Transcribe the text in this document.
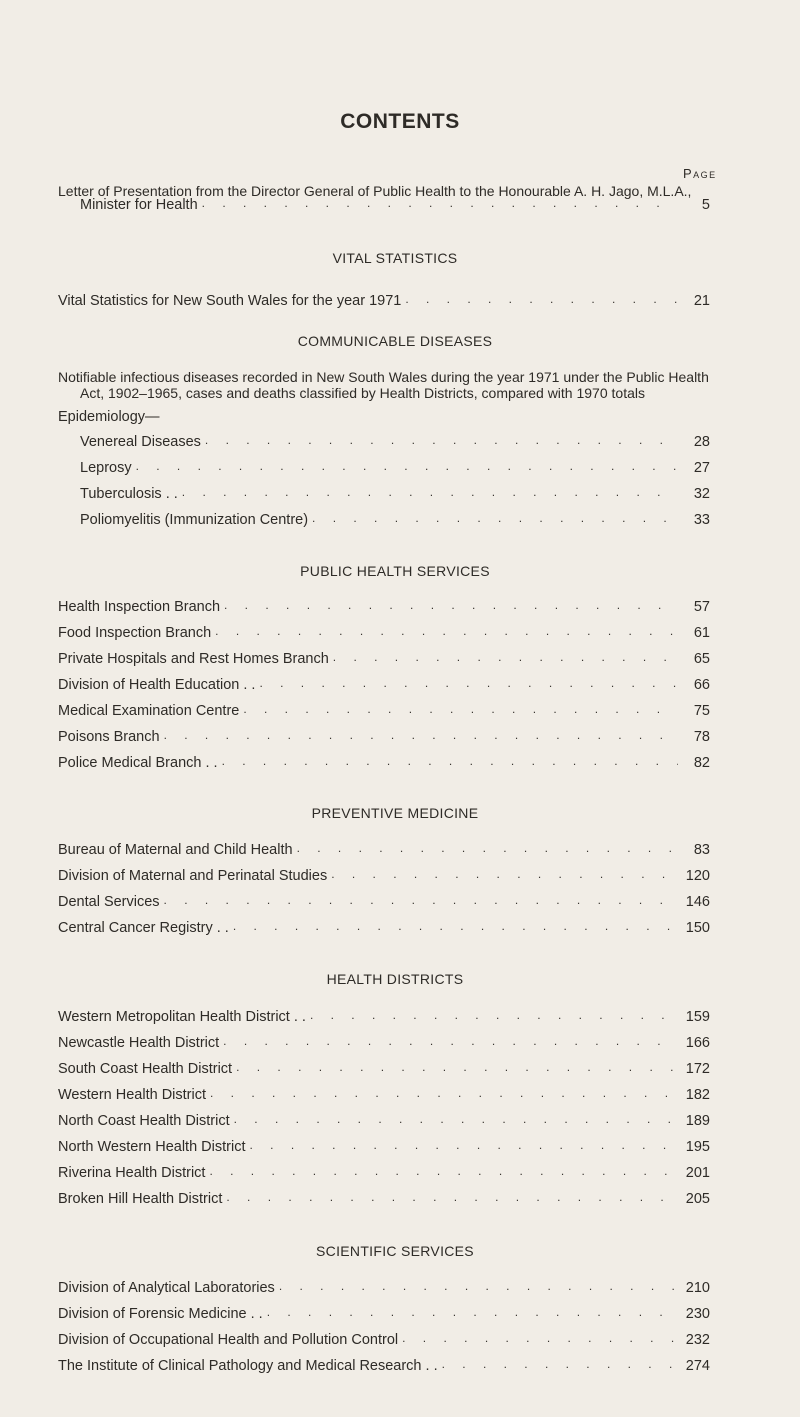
CONTENTS
Page
Letter of Presentation from the Director General of Public Health to the Honourable A. H. Jago, M.L.A.,
Minister for Health . . .	5
VITAL STATISTICS
Vital Statistics for New South Wales for the year 1971 . . .	21
COMMUNICABLE DISEASES
Notifiable infectious diseases recorded in New South Wales during the year 1971 under the Public Health
Act, 1902–1965, cases and deaths classified by Health Districts, compared with 1970 totals
Epidemiology—
Venereal Diseases . . .	28
Leprosy . . .	27
Tuberculosis . . . . .	32
Poliomyelitis (Immunization Centre) . . .	33
PUBLIC HEALTH SERVICES
Health Inspection Branch . . .	57
Food Inspection Branch . . .	61
Private Hospitals and Rest Homes Branch . . .	65
Division of Health Education . . . . .	66
Medical Examination Centre . . .	75
Poisons Branch . . .	78
Police Medical Branch . . . . .	82
PREVENTIVE MEDICINE
Bureau of Maternal and Child Health . . .	83
Division of Maternal and Perinatal Studies . . .	120
Dental Services . . .	146
Central Cancer Registry . . . . .	150
HEALTH DISTRICTS
Western Metropolitan Health District . . . . .	159
Newcastle Health District . . .	166
South Coast Health District . . .	172
Western Health District . . .	182
North Coast Health District . . .	189
North Western Health District . . .	195
Riverina Health District . . .	201
Broken Hill Health District . . .	205
SCIENTIFIC SERVICES
Division of Analytical Laboratories . . .	210
Division of Forensic Medicine . . . . .	230
Division of Occupational Health and Pollution Control . . .	232
The Institute of Clinical Pathology and Medical Research . . . . .	274
